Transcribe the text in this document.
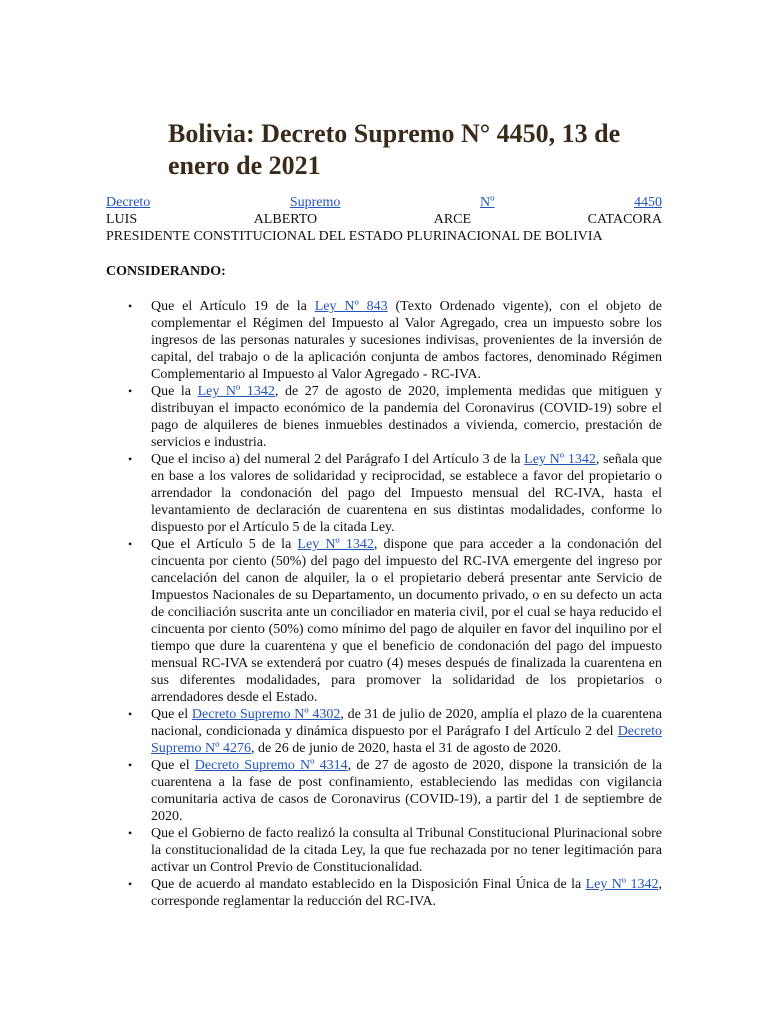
Bolivia: Decreto Supremo N° 4450, 13 de enero de 2021
Decreto	Supremo	Nº	4450
LUIS	ALBERTO	ARCE	CATACORA
PRESIDENTE CONSTITUCIONAL DEL ESTADO PLURINACIONAL DE BOLIVIA

CONSIDERANDO:

• Que el Artículo 19 de la Ley Nº 843 (Texto Ordenado vigente), con el objeto de complementar el Régimen del Impuesto al Valor Agregado, crea un impuesto sobre los ingresos de las personas naturales y sucesiones indivisas, provenientes de la inversión de capital, del trabajo o de la aplicación conjunta de ambos factores, denominado Régimen Complementario al Impuesto al Valor Agregado - RC-IVA.
• Que la Ley Nº 1342, de 27 de agosto de 2020, implementa medidas que mitiguen y distribuyan el impacto económico de la pandemia del Coronavirus (COVID-19) sobre el pago de alquileres de bienes inmuebles destinados a vivienda, comercio, prestación de servicios e industria.
• Que el inciso a) del numeral 2 del Parágrafo I del Artículo 3 de la Ley Nº 1342, señala que en base a los valores de solidaridad y reciprocidad, se establece a favor del propietario o arrendador la condonación del pago del Impuesto mensual del RC-IVA, hasta el levantamiento de declaración de cuarentena en sus distintas modalidades, conforme lo dispuesto por el Artículo 5 de la citada Ley.
• Que el Artículo 5 de la Ley Nº 1342, dispone que para acceder a la condonación del cincuenta por ciento (50%) del pago del impuesto del RC-IVA emergente del ingreso por cancelación del canon de alquiler, la o el propietario deberá presentar ante Servicio de Impuestos Nacionales de su Departamento, un documento privado, o en su defecto un acta de conciliación suscrita ante un conciliador en materia civil, por el cual se haya reducido el cincuenta por ciento (50%) como mínimo del pago de alquiler en favor del inquilino por el tiempo que dure la cuarentena y que el beneficio de condonación del pago del impuesto mensual RC-IVA se extenderá por cuatro (4) meses después de finalizada la cuarentena en sus diferentes modalidades, para promover la solidaridad de los propietarios o arrendadores desde el Estado.
• Que el Decreto Supremo Nº 4302, de 31 de julio de 2020, amplía el plazo de la cuarentena nacional, condicionada y dinámica dispuesto por el Parágrafo I del Artículo 2 del Decreto Supremo Nº 4276, de 26 de junio de 2020, hasta el 31 de agosto de 2020.
• Que el Decreto Supremo Nº 4314, de 27 de agosto de 2020, dispone la transición de la cuarentena a la fase de post confinamiento, estableciendo las medidas con vigilancia comunitaria activa de casos de Coronavirus (COVID-19), a partir del 1 de septiembre de 2020.
• Que el Gobierno de facto realizó la consulta al Tribunal Constitucional Plurinacional sobre la constitucionalidad de la citada Ley, la que fue rechazada por no tener legitimación para activar un Control Previo de Constitucionalidad.
• Que de acuerdo al mandato establecido en la Disposición Final Única de la Ley Nº 1342, corresponde reglamentar la reducción del RC-IVA.
